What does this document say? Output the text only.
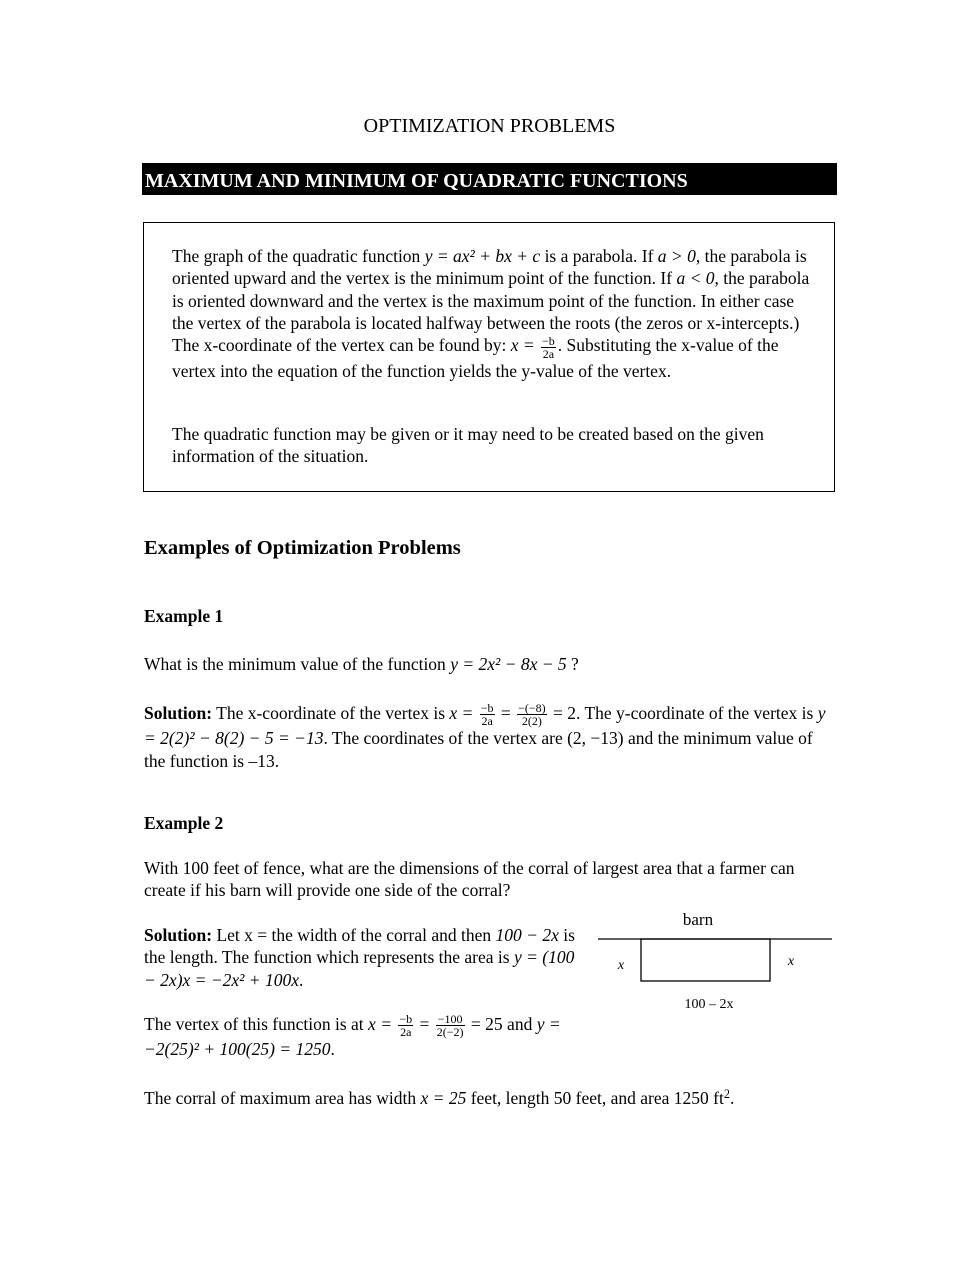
OPTIMIZATION PROBLEMS
MAXIMUM AND MINIMUM OF QUADRATIC FUNCTIONS
The graph of the quadratic function y = ax² + bx + c is a parabola. If a > 0, the parabola is oriented upward and the vertex is the minimum point of the function. If a < 0, the parabola is oriented downward and the vertex is the maximum point of the function. In either case the vertex of the parabola is located halfway between the roots (the zeros or x-intercepts.) The x-coordinate of the vertex can be found by: $x = \frac{-b}{2a}$ . Substituting the x-value of the vertex into the equation of the function yields the y-value of the vertex.
The quadratic function may be given or it may need to be created based on the given information of the situation.
Examples of Optimization Problems
Example 1
What is the minimum value of the function y = 2x² − 8x − 5 ?
Solution: The x-coordinate of the vertex is $x = \frac{-b}{2a} = \frac{-(-8)}{2(2)} = 2$. The y-coordinate of the vertex is y = 2(2)² − 8(2) − 5 = −13. The coordinates of the vertex are (2, −13) and the minimum value of the function is –13.
Example 2
With 100 feet of fence, what are the dimensions of the corral of largest area that a farmer can create if his barn will provide one side of the corral?
Solution: Let x = the width of the corral and then 100 − 2x is the length. The function which represents the area is y = (100 − 2x)x = −2x² + 100x.
The vertex of this function is at $x = \frac{-b}{2a} = \frac{-100}{2(-2)} = 25$ and y = −2(25)² + 100(25) = 1250.
barn
x	x
100 – 2x
The corral of maximum area has width x = 25 feet, length 50 feet, and area 1250 $ft^2$.
